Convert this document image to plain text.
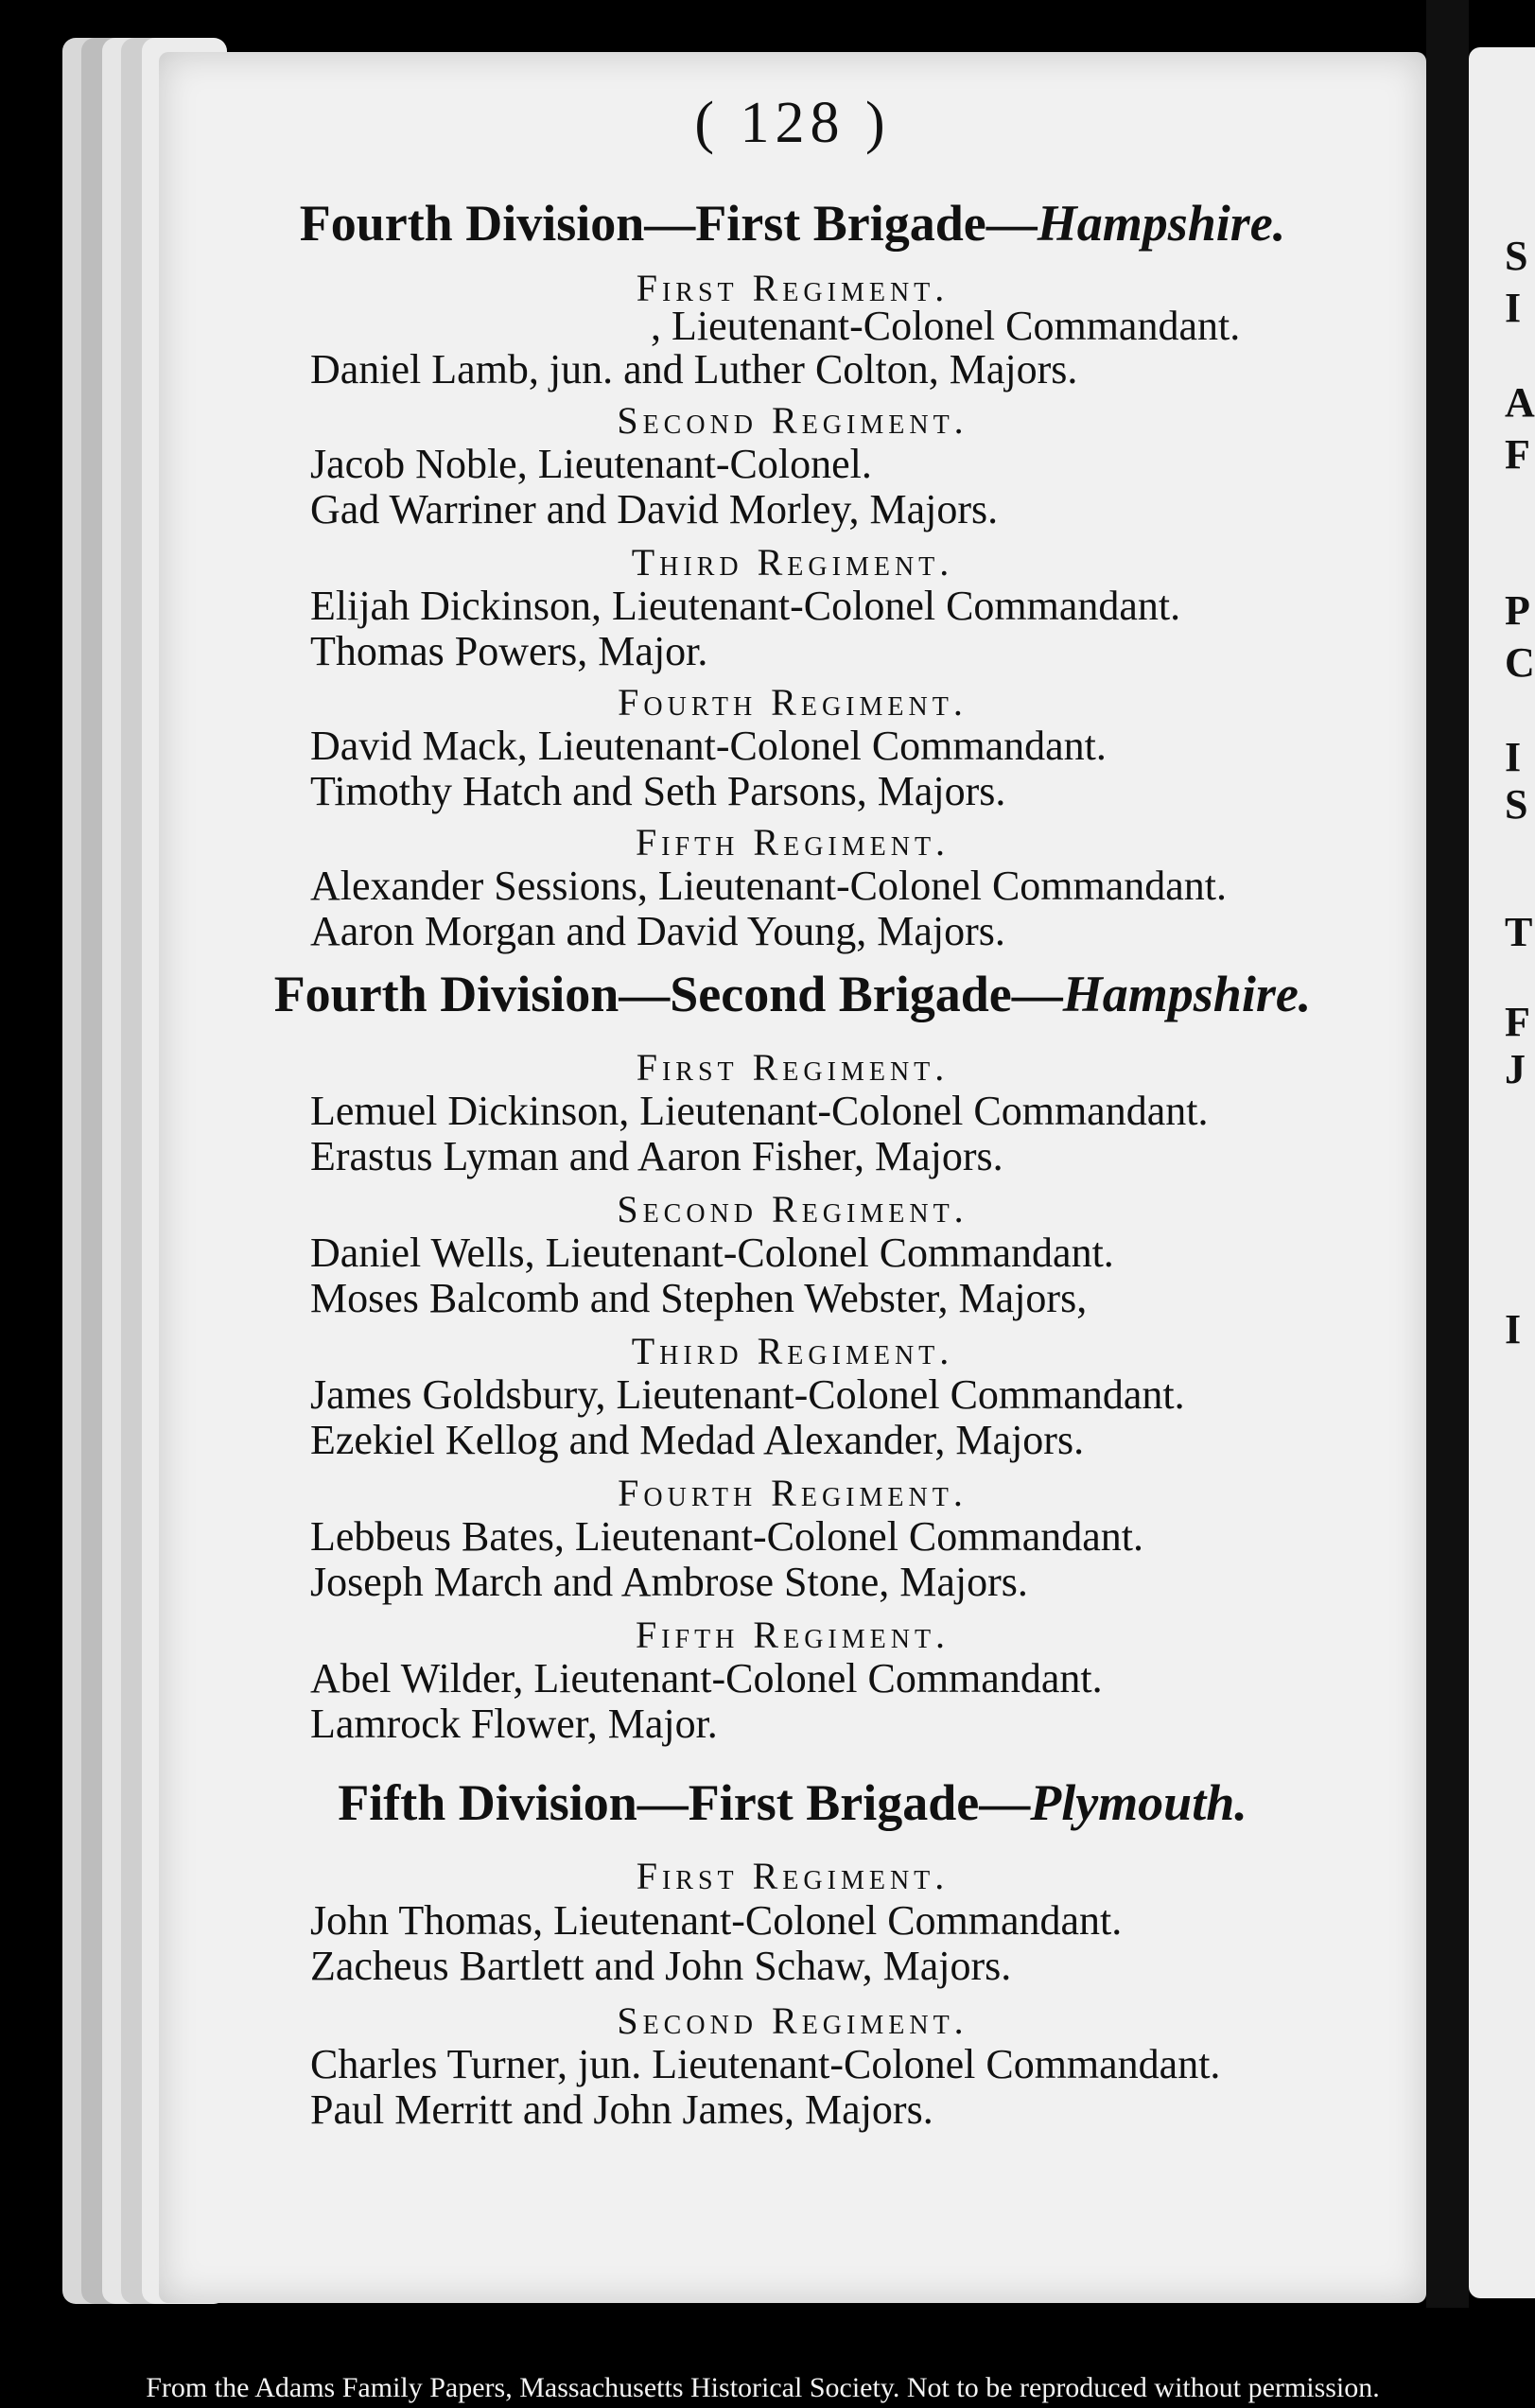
S
I
A
F
P
C
I
S
T
F
J
I
( 128 )
Fourth Division—First Brigade—Hampshire.
First Regiment.
, Lieutenant-Colonel Commandant.
Daniel Lamb, jun. and Luther Colton, Majors.
Second Regiment.
Jacob Noble, Lieutenant-Colonel.
Gad Warriner and David Morley, Majors.
Third Regiment.
Elijah Dickinson, Lieutenant-Colonel Commandant.
Thomas Powers, Major.
Fourth Regiment.
David Mack, Lieutenant-Colonel Commandant.
Timothy Hatch and Seth Parsons, Majors.
Fifth Regiment.
Alexander Sessions, Lieutenant-Colonel Commandant.
Aaron Morgan and David Young, Majors.
Fourth Division—Second Brigade—Hampshire.
First Regiment.
Lemuel Dickinson, Lieutenant-Colonel Commandant.
Erastus Lyman and Aaron Fisher, Majors.
Second Regiment.
Daniel Wells, Lieutenant-Colonel Commandant.
Moses Balcomb and Stephen Webster, Majors,
Third Regiment.
James Goldsbury, Lieutenant-Colonel Commandant.
Ezekiel Kellog and Medad Alexander, Majors.
Fourth Regiment.
Lebbeus Bates, Lieutenant-Colonel Commandant.
Joseph March and Ambrose Stone, Majors.
Fifth Regiment.
Abel Wilder, Lieutenant-Colonel Commandant.
Lamrock Flower, Major.
Fifth Division—First Brigade—Plymouth.
First Regiment.
John Thomas, Lieutenant-Colonel Commandant.
Zacheus Bartlett and John Schaw, Majors.
Second Regiment.
Charles Turner, jun. Lieutenant-Colonel Commandant.
Paul Merritt and John James, Majors.
From the Adams Family Papers, Massachusetts Historical Society. Not to be reproduced without permission.
